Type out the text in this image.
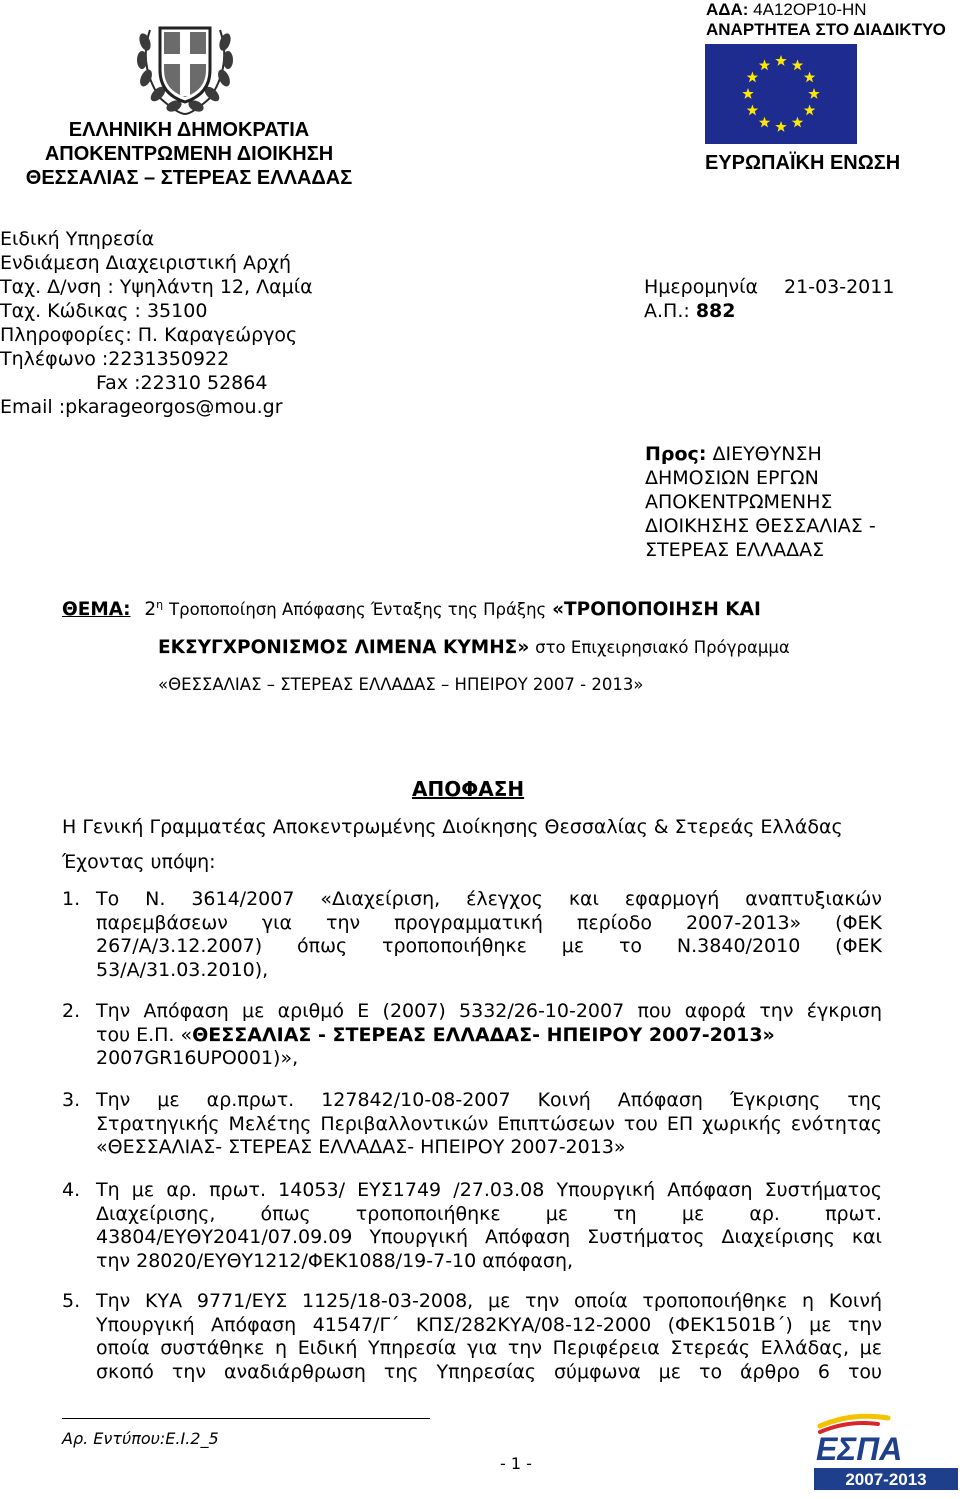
ΕΛΛΗΝΙΚΗ ΔΗΜΟΚΡΑΤΙΑ
ΑΠΟΚΕΝΤΡΩΜΕΝΗ ΔΙΟΙΚΗΣΗ
ΘΕΣΣΑΛΙΑΣ – ΣΤΕΡΕΑΣ ΕΛΛΑΔΑΣ
ΑΔΑ: 4Α12ΟΡ10-ΗΝ
ΑΝΑΡΤΗΤΕΑ ΣΤΟ ΔΙΑΔΙΚΤΥΟ
ΕΥΡΩΠΑΪΚΗ ΕΝΩΣΗ
Ειδική Υπηρεσία
Ενδιάμεση Διαχειριστική Αρχή
Ταχ. Δ/νση : Υψηλάντη 12, Λαμία
Ταχ. Κώδικας : 35100
Πληροφορίες: Π. Καραγεώργος
Τηλέφωνο :2231350922
Fax :22310 52864
Email :pkarageorgos@mou.gr
Ημερομηνία 21-03-2011
Α.Π.: 882
Προς: ΔΙΕΥΘΥΝΣΗ
ΔΗΜΟΣΙΩΝ ΕΡΓΩΝ
ΑΠΟΚΕΝΤΡΩΜΕΝΗΣ
ΔΙΟΙΚΗΣΗΣ ΘΕΣΣΑΛΙΑΣ -
ΣΤΕΡΕΑΣ ΕΛΛΑΔΑΣ
ΘΕΜΑ: $2^\eta$ Τροποποίηση Απόφασης Ένταξης της Πράξης «ΤΡΟΠΟΠΟΙΗΣΗ ΚΑΙ
ΕΚΣΥΓΧΡΟΝΙΣΜΟΣ ΛΙΜΕΝΑ ΚΥΜΗΣ» στο Επιχειρησιακό Πρόγραμμα
«ΘΕΣΣΑΛΙΑΣ – ΣΤΕΡΕΑΣ ΕΛΛΑΔΑΣ – ΗΠΕΙΡΟΥ 2007 - 2013»
ΑΠΟΦΑΣΗ
Η Γενική Γραμματέας Αποκεντρωμένης Διοίκησης Θεσσαλίας & Στερεάς Ελλάδας
Έχοντας υπόψη:
1. Το Ν. 3614/2007 «Διαχείριση, έλεγχος και εφαρμογή αναπτυξιακών
παρεμβάσεων για την προγραμματική περίοδο 2007-2013» (ΦΕΚ
267/Α/3.12.2007) όπως τροποποιήθηκε με το Ν.3840/2010 (ΦΕΚ
53/Α/31.03.2010),
2. Την Απόφαση με αριθμό Ε (2007) 5332/26-10-2007 που αφορά την έγκριση
του Ε.Π. «ΘΕΣΣΑΛΙΑΣ - ΣΤΕΡΕΑΣ ΕΛΛΑΔΑΣ- ΗΠΕΙΡΟΥ 2007-2013»
2007GR16UPO001)»,
3. Την με αρ.πρωτ. 127842/10-08-2007 Κοινή Απόφαση Έγκρισης της
Στρατηγικής Μελέτης Περιβαλλοντικών Επιπτώσεων του ΕΠ χωρικής ενότητας
«ΘΕΣΣΑΛΙΑΣ- ΣΤΕΡΕΑΣ ΕΛΛΑΔΑΣ- ΗΠΕΙΡΟΥ 2007-2013»
4. Τη με αρ. πρωτ. 14053/ ΕΥΣ1749 /27.03.08 Υπουργική Απόφαση Συστήματος
Διαχείρισης, όπως τροποποιήθηκε με τη με αρ. πρωτ.
43804/ΕΥΘΥ2041/07.09.09 Υπουργική Απόφαση Συστήματος Διαχείρισης και
την 28020/ΕΥΘΥ1212/ΦΕΚ1088/19-7-10 απόφαση,
5. Την ΚΥΑ 9771/ΕΥΣ 1125/18-03-2008, με την οποία τροποποιήθηκε η Κοινή
Υπουργική Απόφαση 41547/Γ΄ ΚΠΣ/282ΚΥΑ/08-12-2000 (ΦΕΚ1501Β΄) με την
οποία συστάθηκε η Ειδική Υπηρεσία για την Περιφέρεια Στερεάς Ελλάδας, με
σκοπό την αναδιάρθρωση της Υπηρεσίας σύμφωνα με το άρθρο 6 του
Αρ. Εντύπου:Ε.Ι.2_5
- 1 -	ΕΣΠΑ
2007-2013
